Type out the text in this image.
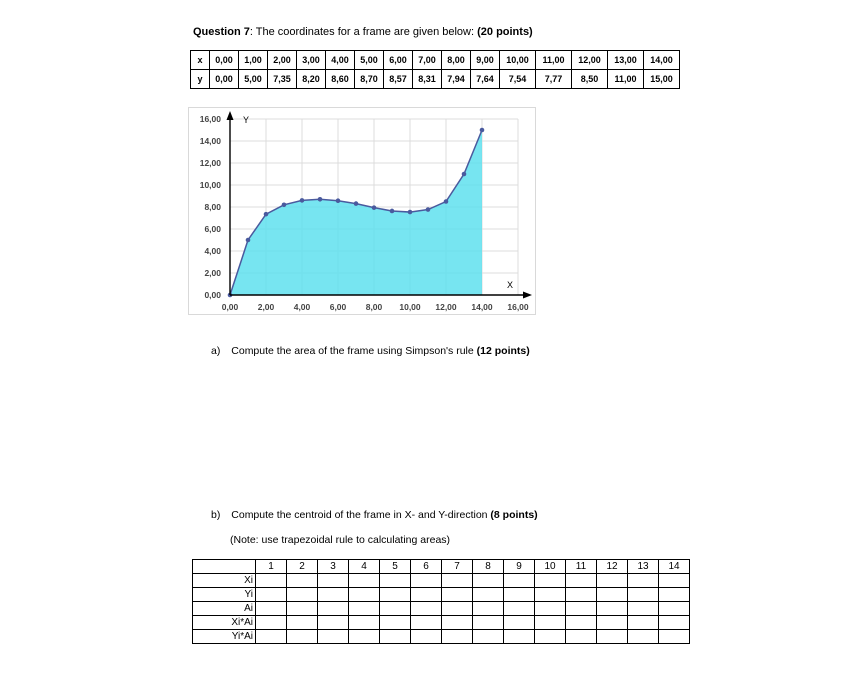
Question 7: The coordinates for a frame are given below: (20 points)
x	0,00	1,00	2,00	3,00	4,00	5,00	6,00	7,00	8,00	9,00	10,00	11,00	12,00	13,00	14,00
y	0,00	5,00	7,35	8,20	8,60	8,70	8,57	8,31	7,94	7,64	7,54	7,77	8,50	11,00	15,00
0,00
2,00
4,00
6,00
8,00
10,00
12,00
14,00
16,00
0,00 2,00 4,00 6,00 8,00 10,00 12,00 14,00 16,00
X
Y
a) Compute the area of the frame using Simpson's rule (12 points)
b) Compute the centroid of the frame in X- and Y-direction (8 points)
(Note: use trapezoidal rule to calculating areas)
	1	2	3	4	5	6	7	8	9	10	11	12	13	14
Xi														
Yi														
Ai														
Xi*Ai														
Yi*Ai														
